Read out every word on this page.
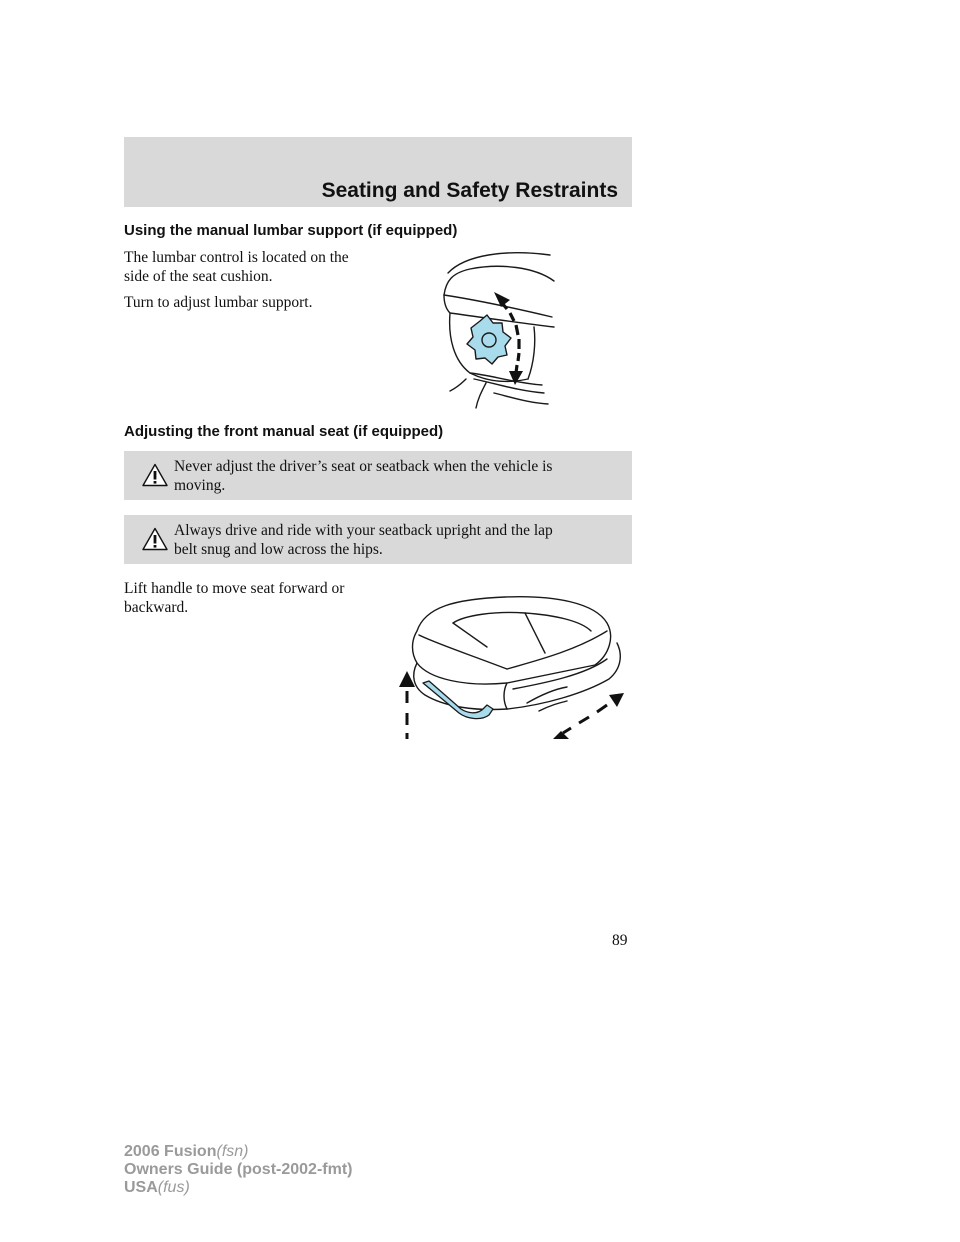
Seating and Safety Restraints
Using the manual lumbar support (if equipped)
The lumbar control is located on the
side of the seat cushion.
Turn to adjust lumbar support.
Adjusting the front manual seat (if equipped)
Never adjust the driver’s seat or seatback when the vehicle is
moving.
Always drive and ride with your seatback upright and the lap
belt snug and low across the hips.
Lift handle to move seat forward or
backward.
89
2006 Fusion(fsn)
Owners Guide (post-2002-fmt)
USA(fus)
